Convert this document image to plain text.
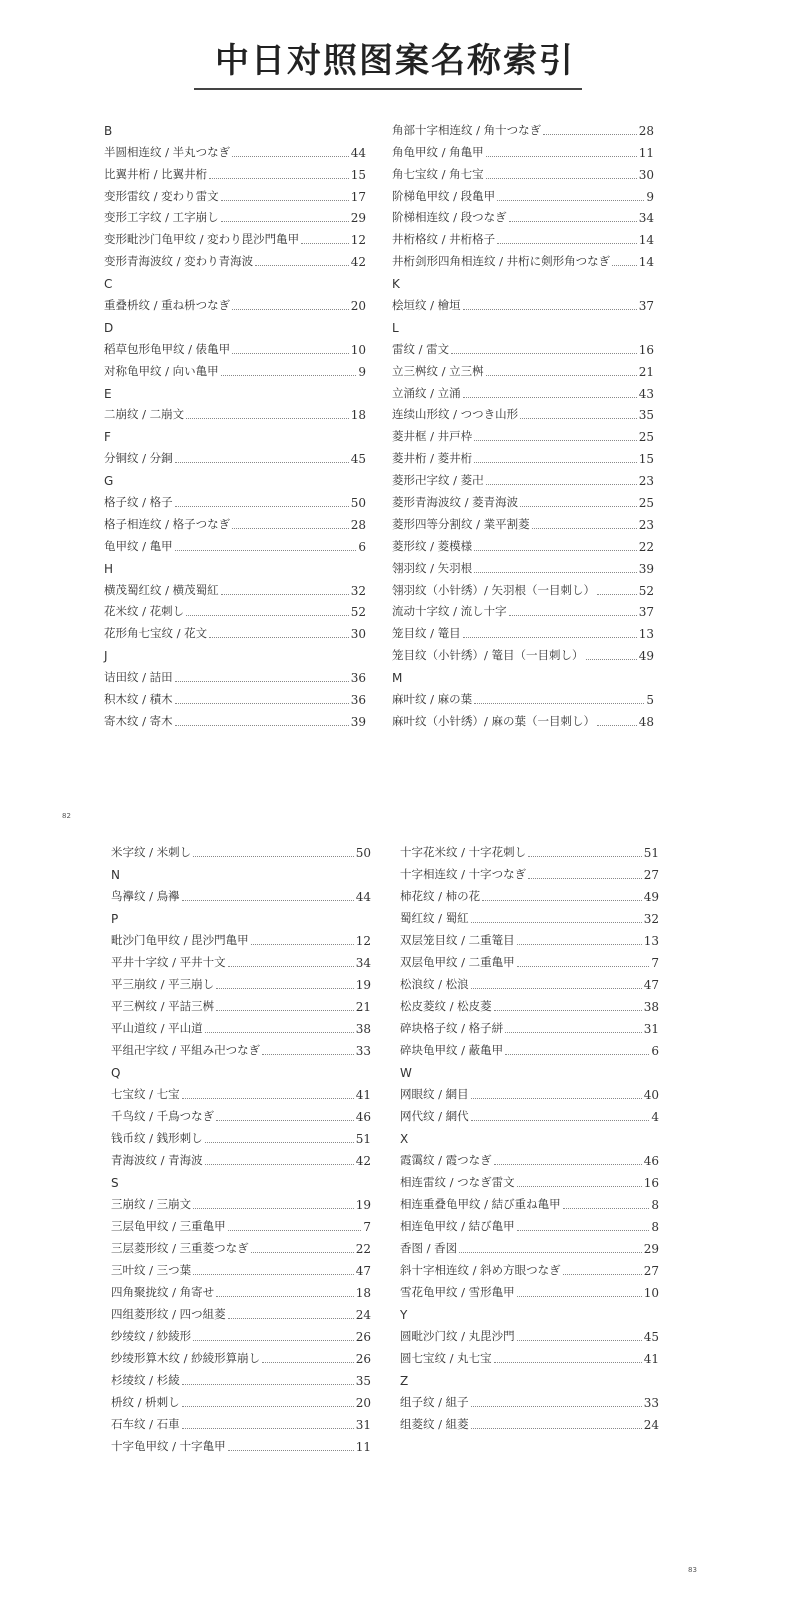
中日对照图案名称索引
B
半圆相连纹 / 半丸つなぎ	44
比翼井桁 / 比翼井桁	15
变形雷纹 / 変わり雷文	17
变形工字纹 / 工字崩し	29
变形毗沙门龟甲纹 / 変わり毘沙門亀甲	12
变形青海波纹 / 変わり青海波	42
C
重叠枡纹 / 重ね枡つなぎ	20
D
稻草包形龟甲纹 / 俵亀甲	10
对称龟甲纹 / 向い亀甲	9
E
二崩纹 / 二崩文	18
F
分铜纹 / 分銅	45
G
格子纹 / 格子	50
格子相连纹 / 格子つなぎ	28
龟甲纹 / 亀甲	6
H
横茂蜀红纹 / 横茂蜀紅	32
花米纹 / 花刺し	52
花形角七宝纹 / 花文	30
J
诘田纹 / 詰田	36
积木纹 / 積木	36
寄木纹 / 寄木	39
角部十字相连纹 / 角十つなぎ	28
角龟甲纹 / 角亀甲	11
角七宝纹 / 角七宝	30
阶梯龟甲纹 / 段亀甲	9
阶梯相连纹 / 段つなぎ	34
井桁格纹 / 井桁格子	14
井桁剑形四角相连纹 / 井桁に剣形角つなぎ 14
K
桧垣纹 / 檜垣	37
L
雷纹 / 雷文	16
立三桝纹 / 立三桝	21
立涌纹 / 立涌	43
连续山形纹 / つつき山形	35
菱井框 / 井戸枠	25
菱井桁 / 菱井桁	15
菱形卍字纹 / 菱卍	23
菱形青海波纹 / 菱青海波	25
菱形四等分割纹 / 業平割菱	23
菱形纹 / 菱模様	22
翎羽纹 / 矢羽根	39
翎羽纹（小针绣）/ 矢羽根（一目刺し）	52
流动十字纹 / 流し十字	37
笼目纹 / 篭目	13
笼目纹（小针绣）/ 篭目（一目刺し）	49
M
麻叶纹 / 麻の葉	5
麻叶纹（小针绣）/ 麻の葉（一目刺し）	48
82
米字纹 / 米刺し	50
N
鸟襷纹 / 鳥襷	44
P
毗沙门龟甲纹 / 毘沙門亀甲	12
平井十字纹 / 平井十文	34
平三崩纹 / 平三崩し	19
平三桝纹 / 平詰三桝	21
平山道纹 / 平山道	38
平组卍字纹 / 平組み卍つなぎ	33
Q
七宝纹 / 七宝	41
千鸟纹 / 千鳥つなぎ	46
钱币纹 / 銭形刺し	51
青海波纹 / 青海波	42
S
三崩纹 / 三崩文	19
三层龟甲纹 / 三重亀甲	7
三层菱形纹 / 三重菱つなぎ	22
三叶纹 / 三つ葉	47
四角聚拢纹 / 角寄せ	18
四组菱形纹 / 四つ組菱	24
纱绫纹 / 紗綾形	26
纱绫形算木纹 / 紗綾形算崩し	26
杉绫纹 / 杉綾	35
枡纹 / 枡刺し	20
石车纹 / 石車	31
十字龟甲纹 / 十字亀甲	11
十字花米纹 / 十字花刺し	51
十字相连纹 / 十字つなぎ	27
柿花纹 / 柿の花	49
蜀红纹 / 蜀紅	32
双层笼目纹 / 二重篭目	13
双层龟甲纹 / 二重亀甲	7
松浪纹 / 松浪	47
松皮菱纹 / 松皮菱	38
碎块格子纹 / 格子絣	31
碎块龟甲纹 / 蔽亀甲	6
W
网眼纹 / 網目	40
网代纹 / 網代	4
X
霞霭纹 / 霞つなぎ	46
相连雷纹 / つなぎ雷文	16
相连重叠龟甲纹 / 結び重ね亀甲	8
相连龟甲纹 / 結び亀甲	8
香图 / 香図	29
斜十字相连纹 / 斜め方眼つなぎ	27
雪花龟甲纹 / 雪形亀甲	10
Y
圆毗沙门纹 / 丸毘沙門	45
圆七宝纹 / 丸七宝	41
Z
组子纹 / 組子	33
组菱纹 / 組菱	24
83
